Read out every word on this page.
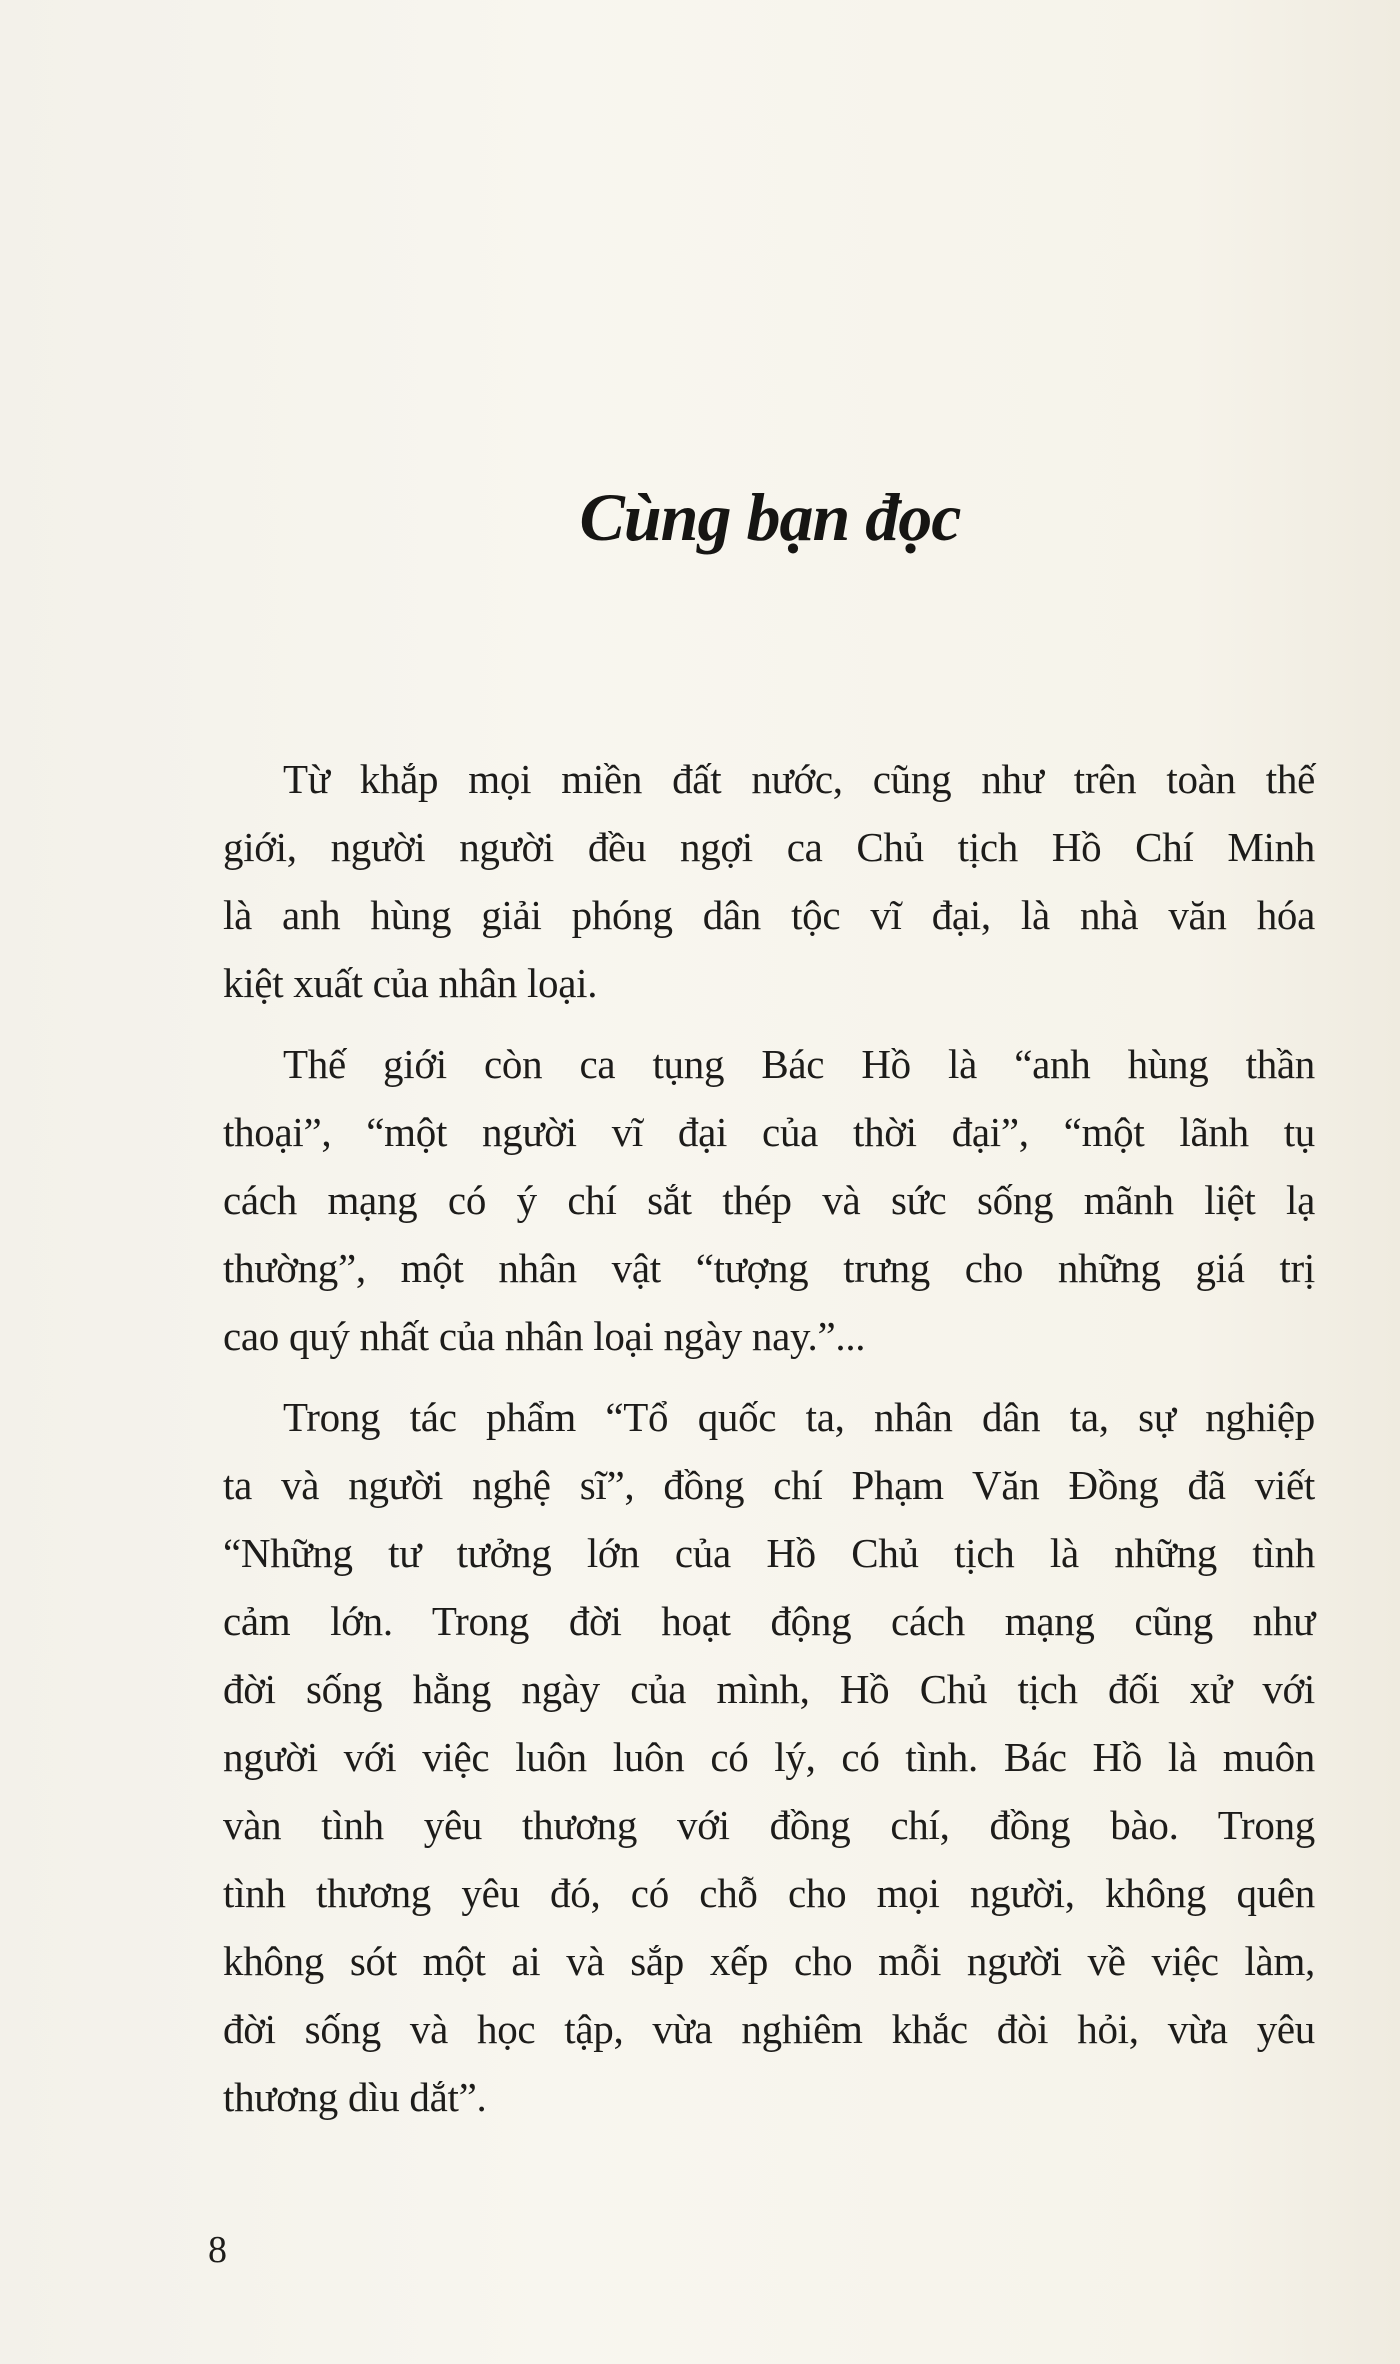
Cùng bạn đọc
Từ khắp mọi miền đất nước, cũng như trên toàn thế
giới, người người đều ngợi ca Chủ tịch Hồ Chí Minh
là anh hùng giải phóng dân tộc vĩ đại, là nhà văn hóa
kiệt xuất của nhân loại.
Thế giới còn ca tụng Bác Hồ là “anh hùng thần
thoại”, “một người vĩ đại của thời đại”, “một lãnh tụ
cách mạng có ý chí sắt thép và sức sống mãnh liệt lạ
thường”, một nhân vật “tượng trưng cho những giá trị
cao quý nhất của nhân loại ngày nay.”...
Trong tác phẩm “Tổ quốc ta, nhân dân ta, sự nghiệp
ta và người nghệ sĩ”, đồng chí Phạm Văn Đồng đã viết
“Những tư tưởng lớn của Hồ Chủ tịch là những tình
cảm lớn. Trong đời hoạt động cách mạng cũng như
đời sống hằng ngày của mình, Hồ Chủ tịch đối xử với
người với việc luôn luôn có lý, có tình. Bác Hồ là muôn
vàn tình yêu thương với đồng chí, đồng bào. Trong
tình thương yêu đó, có chỗ cho mọi người, không quên
không sót một ai và sắp xếp cho mỗi người về việc làm,
đời sống và học tập, vừa nghiêm khắc đòi hỏi, vừa yêu
thương dìu dắt”.
8
